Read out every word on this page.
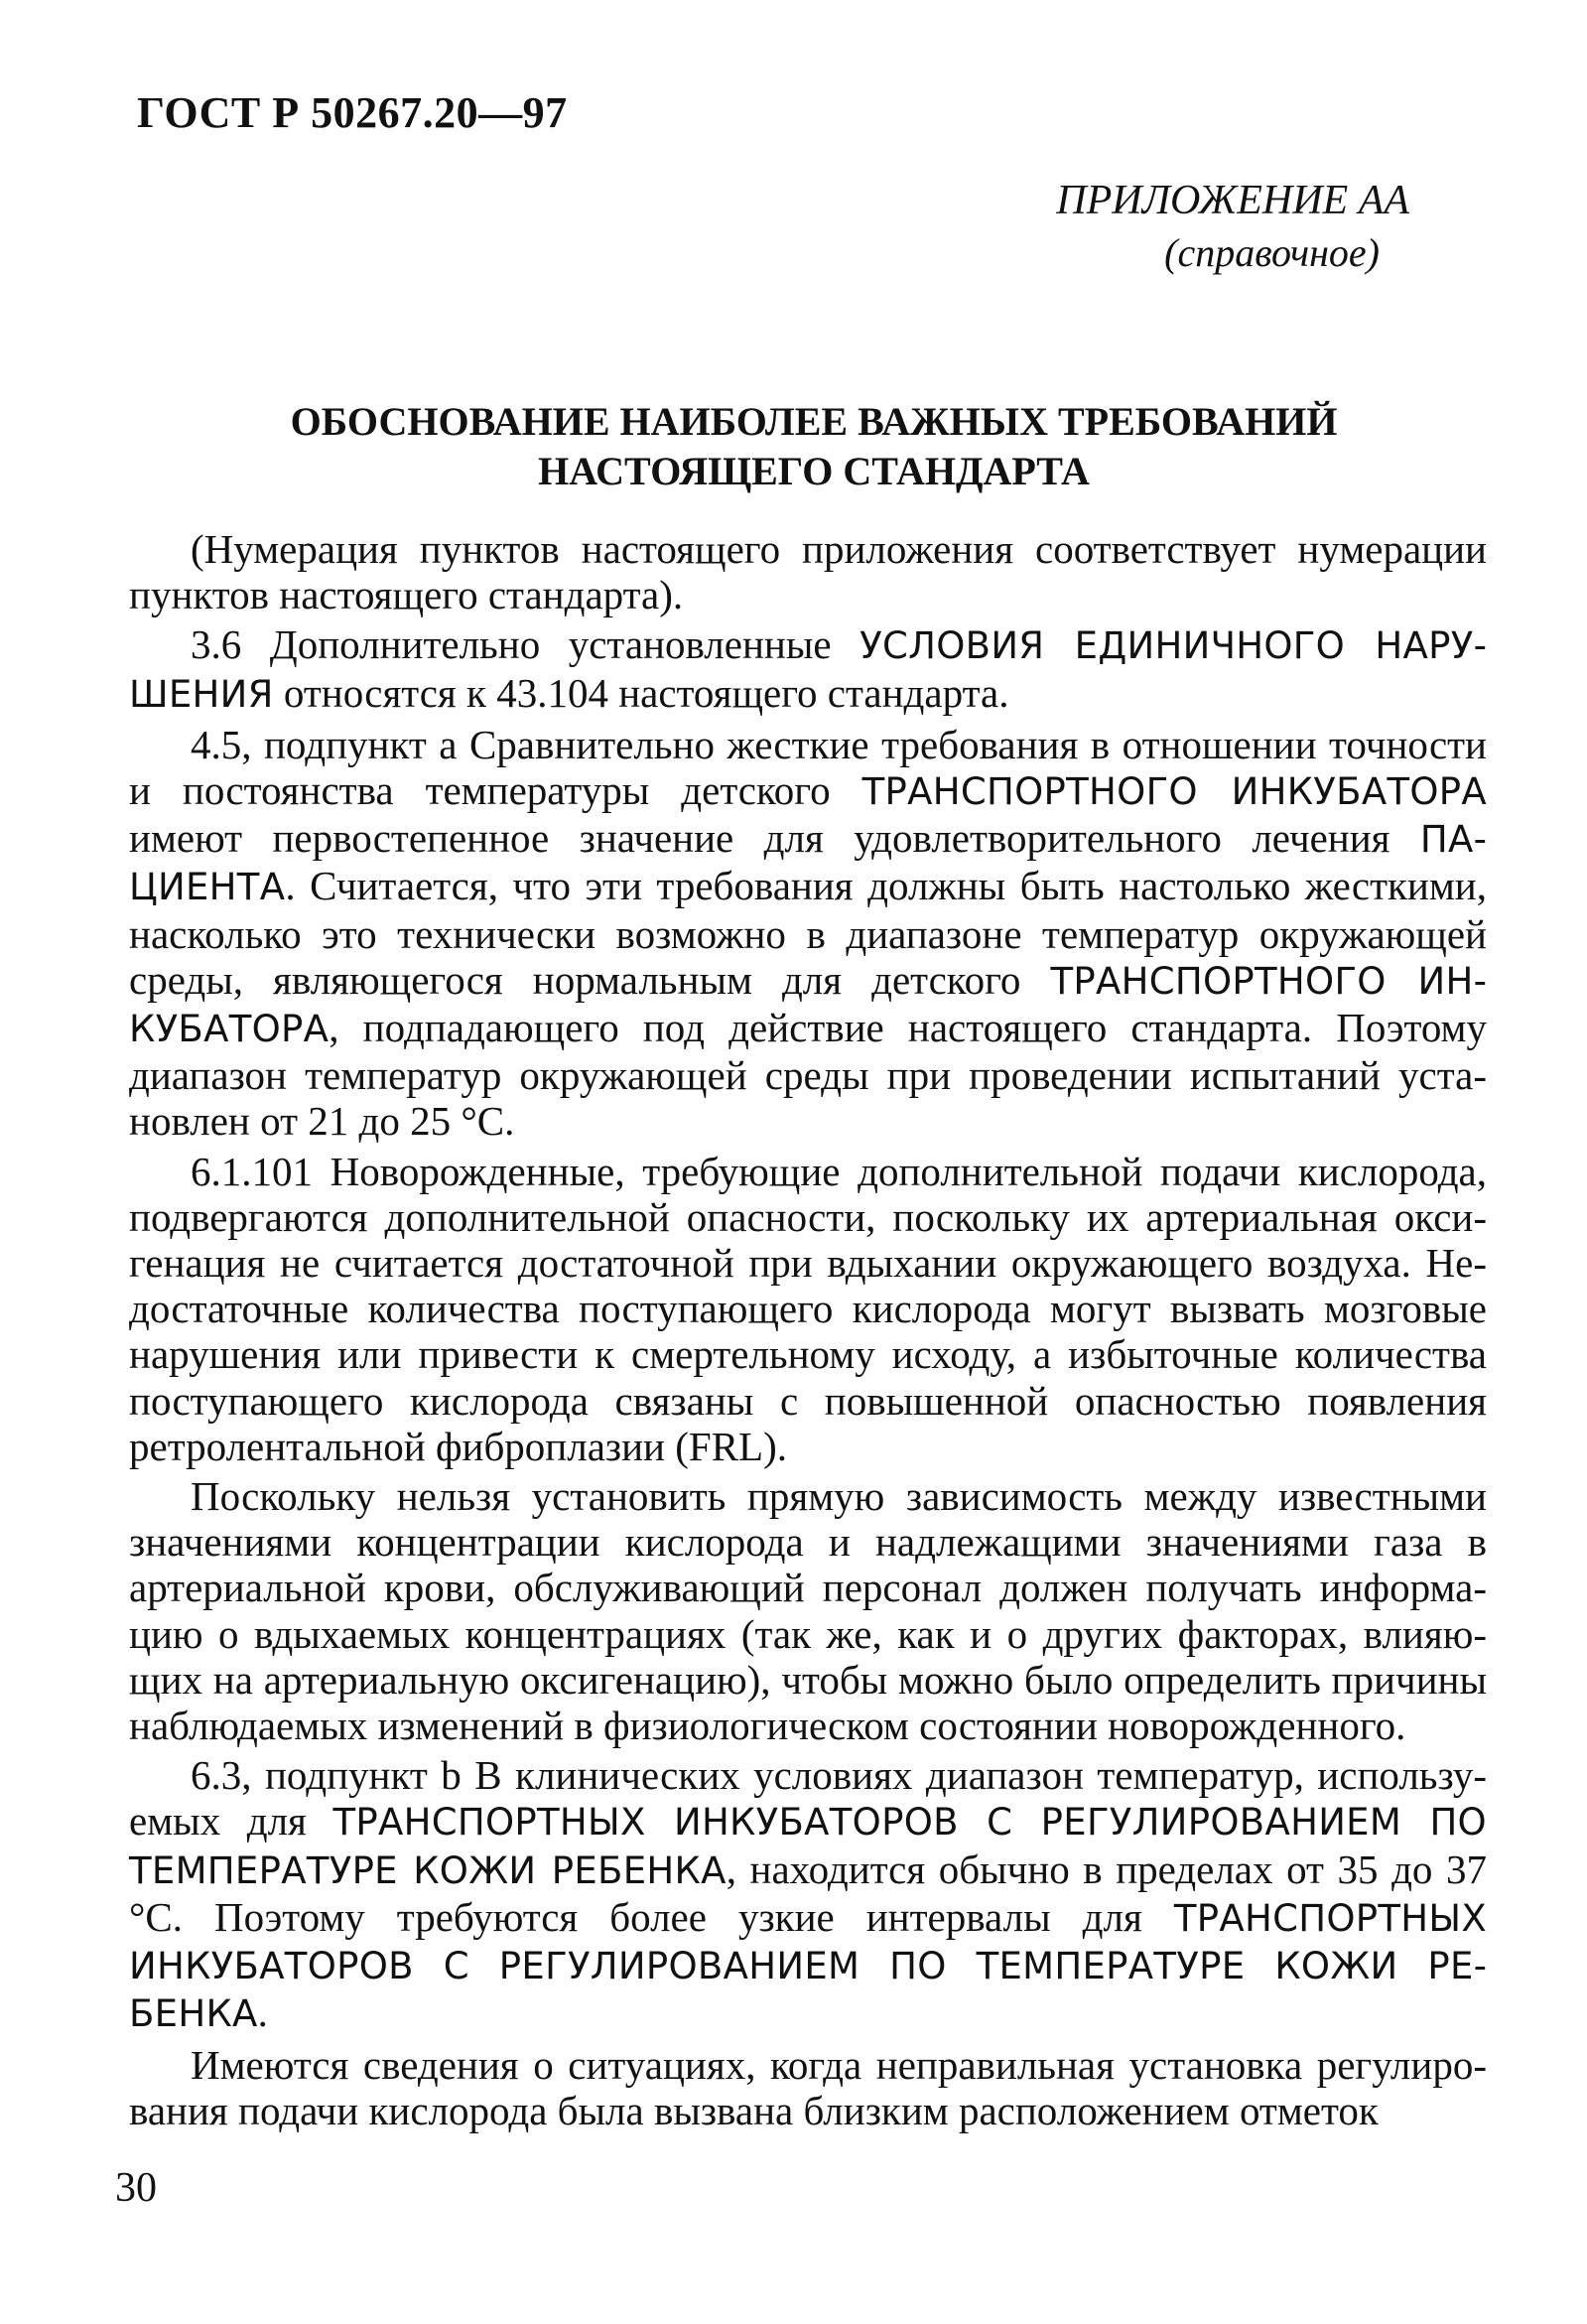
ГОСТ Р 50267.20—97
ПРИЛОЖЕНИЕ АА
(справочное)
ОБОСНОВАНИЕ НАИБОЛЕЕ ВАЖНЫХ ТРЕБОВАНИЙ
НАСТОЯЩЕГО СТАНДАРТА

(Нумерация пунктов настоящего приложения соответствует нумерации пунктов настоящего стандарта).

3.6 Дополнительно установленные УСЛОВИЯ ЕДИНИЧНОГО НАРУШЕНИЯ относятся к 43.104 настоящего стандарта.

4.5, подпункт а Сравнительно жесткие требования в отношении точности и постоянства температуры детского ТРАНСПОРТНОГО ИНКУБАТОРА имеют первостепенное значение для удовлетворительного лечения ПАЦИЕНТА. Считается, что эти требования должны быть настолько жесткими, насколько это технически возможно в диапазоне температур окружающей среды, являющегося нормальным для детского ТРАНСПОРТНОГО ИНКУБАТОРА, подпадающего под действие настоящего стандарта. Поэтому диапазон температур окружающей среды при проведении испытаний установлен от 21 до 25 °С.

6.1.101 Новорожденные, требующие дополнительной подачи кислорода, подвергаются дополнительной опасности, поскольку их артериальная оксигенация не считается достаточной при вдыхании окружающего воздуха. Недостаточные количества поступающего кислорода могут вызвать мозговые нарушения или привести к смертельному исходу, а избыточные количества поступающего кислорода связаны с повышенной опасностью появления ретролентальной фиброплазии (FRL).

Поскольку нельзя установить прямую зависимость между известными значениями концентрации кислорода и надлежащими значениями газа в артериальной крови, обслуживающий персонал должен получать информацию о вдыхаемых концентрациях (так же, как и о других факторах, влияющих на артериальную оксигенацию), чтобы можно было определить причины наблюдаемых изменений в физиологическом состоянии новорожденного.

6.3, подпункт b В клинических условиях диапазон температур, используемых для ТРАНСПОРТНЫХ ИНКУБАТОРОВ С РЕГУЛИРОВАНИЕМ ПО ТЕМПЕРАТУРЕ КОЖИ РЕБЕНКА, находится обычно в пределах от 35 до 37 °С. Поэтому требуются более узкие интервалы для ТРАНСПОРТНЫХ ИНКУБАТОРОВ С РЕГУЛИРОВАНИЕМ ПО ТЕМПЕРАТУРЕ КОЖИ РЕБЕНКА.

Имеются сведения о ситуациях, когда неправильная установка регулирования подачи кислорода была вызвана близким расположением отметок

30
